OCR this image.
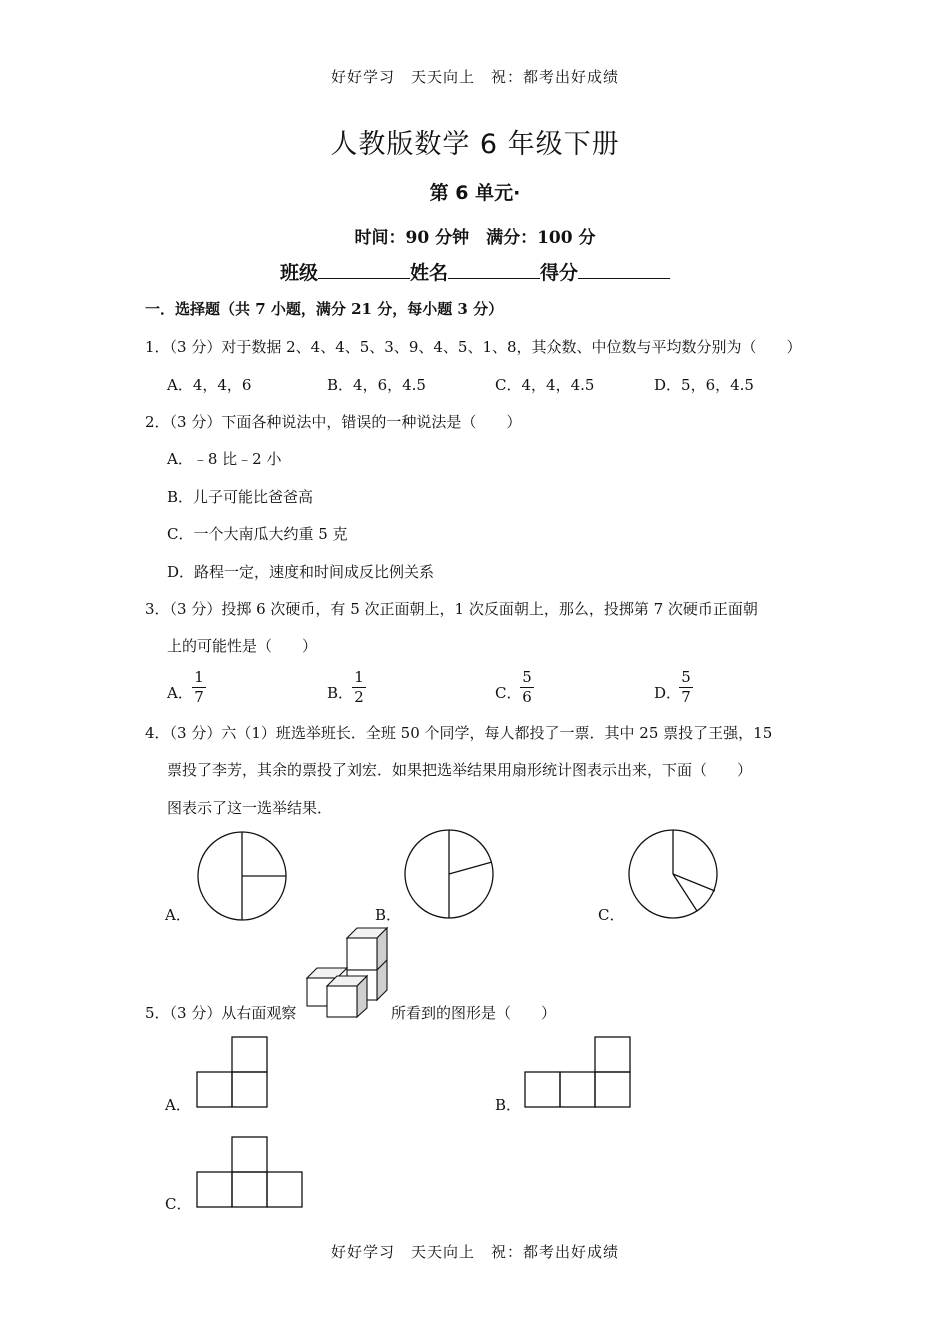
好好学习　天天向上　祝：都考出好成绩
人教版数学 6 年级下册
第 6 单元·
时间：90 分钟　满分：100 分
班级	姓名	得分
一．选择题（共 7 小题，满分 21 分，每小题 3 分）
1．（3 分）对于数据 2、4、4、5、3、9、4、5、1、8，其众数、中位数与平均数分别为（　　）
A．4，4，6	B．4，6，4.5	C．4，4，4.5	D．5，6，4.5
2．（3 分）下面各种说法中，错误的一种说法是（　　）
A．﹣8 比﹣2 小
B．儿子可能比爸爸高
C．一个大南瓜大约重 5 克
D．路程一定，速度和时间成反比例关系
3．（3 分）投掷 6 次硬币，有 5 次正面朝上，1 次反面朝上，那么，投掷第 7 次硬币正面朝
上的可能性是（　　）
A．
1
7	B．
1
2	C．
5
6	D．
5
7
4．（3 分）六（1）班选举班长．全班 50 个同学，每人都投了一票．其中 25 票投了王强，15
票投了李芳，其余的票投了刘宏．如果把选举结果用扇形统计图表示出来，下面（　　）
图表示了这一选举结果．
A．	B．	C．
5．（3 分）从右面观察	所看到的图形是（　　）
A．	B．
C．
好好学习　天天向上　祝：都考出好成绩
